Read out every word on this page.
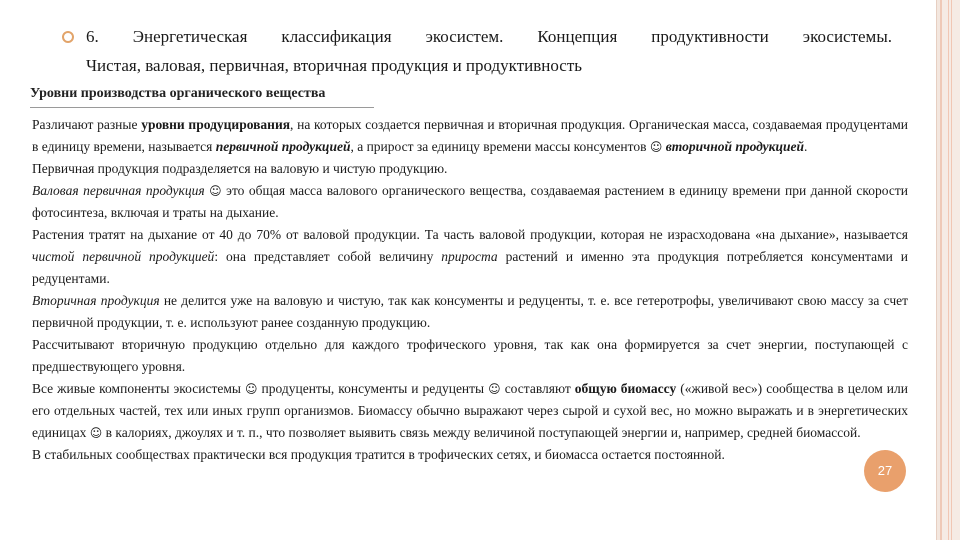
6. Энергетическая классификация экосистем. Концепция продуктивности экосистемы.
Чистая, валовая, первичная, вторичная продукция и продуктивность
Уровни производства органического вещества

Различают разные уровни продуцирования, на которых создается первичная и вторичная продукция. Органическая масса, создаваемая продуцентами в единицу времени, называется первичной продукцией, а прирост за единицу времени массы консументов ☺ вторичной продукцией.

Первичная продукция подразделяется на валовую и чистую продукцию.

Валовая первичная продукция ☺ это общая масса валового органического вещества, создаваемая растением в единицу времени при данной скорости фотосинтеза, включая и траты на дыхание.

Растения тратят на дыхание от 40 до 70% от валовой продукции. Та часть валовой продукции, которая не израсходована «на дыхание», называется чистой первичной продукцией: она представляет собой величину прироста растений и именно эта продукция потребляется консументами и редуцентами.

Вторичная продукция не делится уже на валовую и чистую, так как консументы и редуценты, т. е. все гетеротрофы, увеличивают свою массу за счет первичной продукции, т. е. используют ранее созданную продукцию.

Рассчитывают вторичную продукцию отдельно для каждого трофического уровня, так как она формируется за счет энергии, поступающей с предшествующего уровня.

Все живые компоненты экосистемы ☺ продуценты, консументы и редуценты ☺ составляют общую биомассу («живой вес») сообщества в целом или его отдельных частей, тех или иных групп организмов. Биомассу обычно выражают через сырой и сухой вес, но можно выражать и в энергетических единицах ☺ в калориях, джоулях и т. п., что позволяет выявить связь между величиной поступающей энергии и, например, средней биомассой.

В стабильных сообществах практически вся продукция тратится в трофических сетях, и биомасса остается постоянной.

27
